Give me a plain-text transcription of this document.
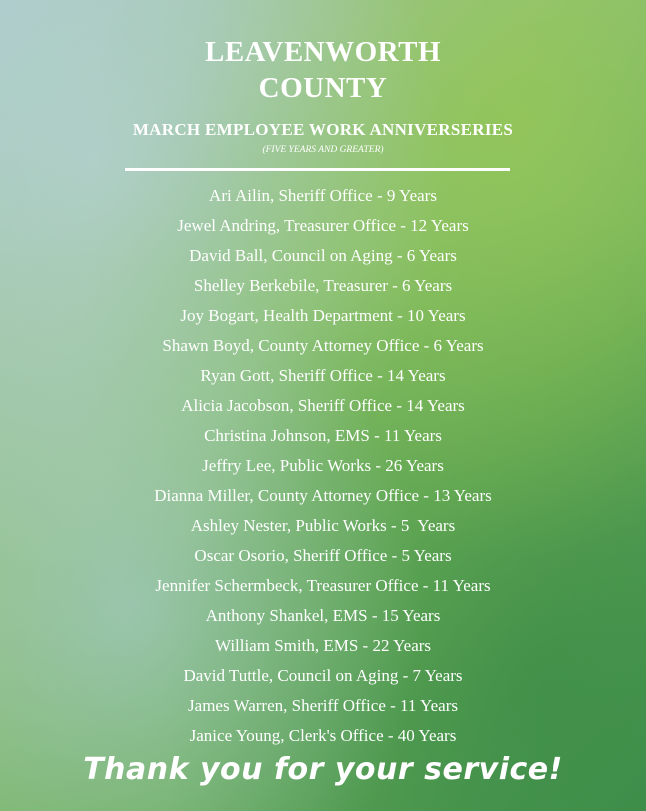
LEAVENWORTH
COUNTY
MARCH EMPLOYEE WORK ANNIVERSERIES
(FIVE YEARS AND GREATER)
Ari Ailin, Sheriff Office - 9 Years
Jewel Andring, Treasurer Office - 12 Years
David Ball, Council on Aging - 6 Years
Shelley Berkebile, Treasurer - 6 Years
Joy Bogart, Health Department - 10 Years
Shawn Boyd, County Attorney Office - 6 Years
Ryan Gott, Sheriff Office - 14 Years
Alicia Jacobson, Sheriff Office - 14 Years
Christina Johnson, EMS - 11 Years
Jeffry Lee, Public Works - 26 Years
Dianna Miller, County Attorney Office - 13 Years
Ashley Nester, Public Works - 5  Years
Oscar Osorio, Sheriff Office - 5 Years
Jennifer Schermbeck, Treasurer Office - 11 Years
Anthony Shankel, EMS - 15 Years
William Smith, EMS - 22 Years
David Tuttle, Council on Aging - 7 Years
James Warren, Sheriff Office - 11 Years
Janice Young, Clerk's Office - 40 Years
Thank you for your service!
